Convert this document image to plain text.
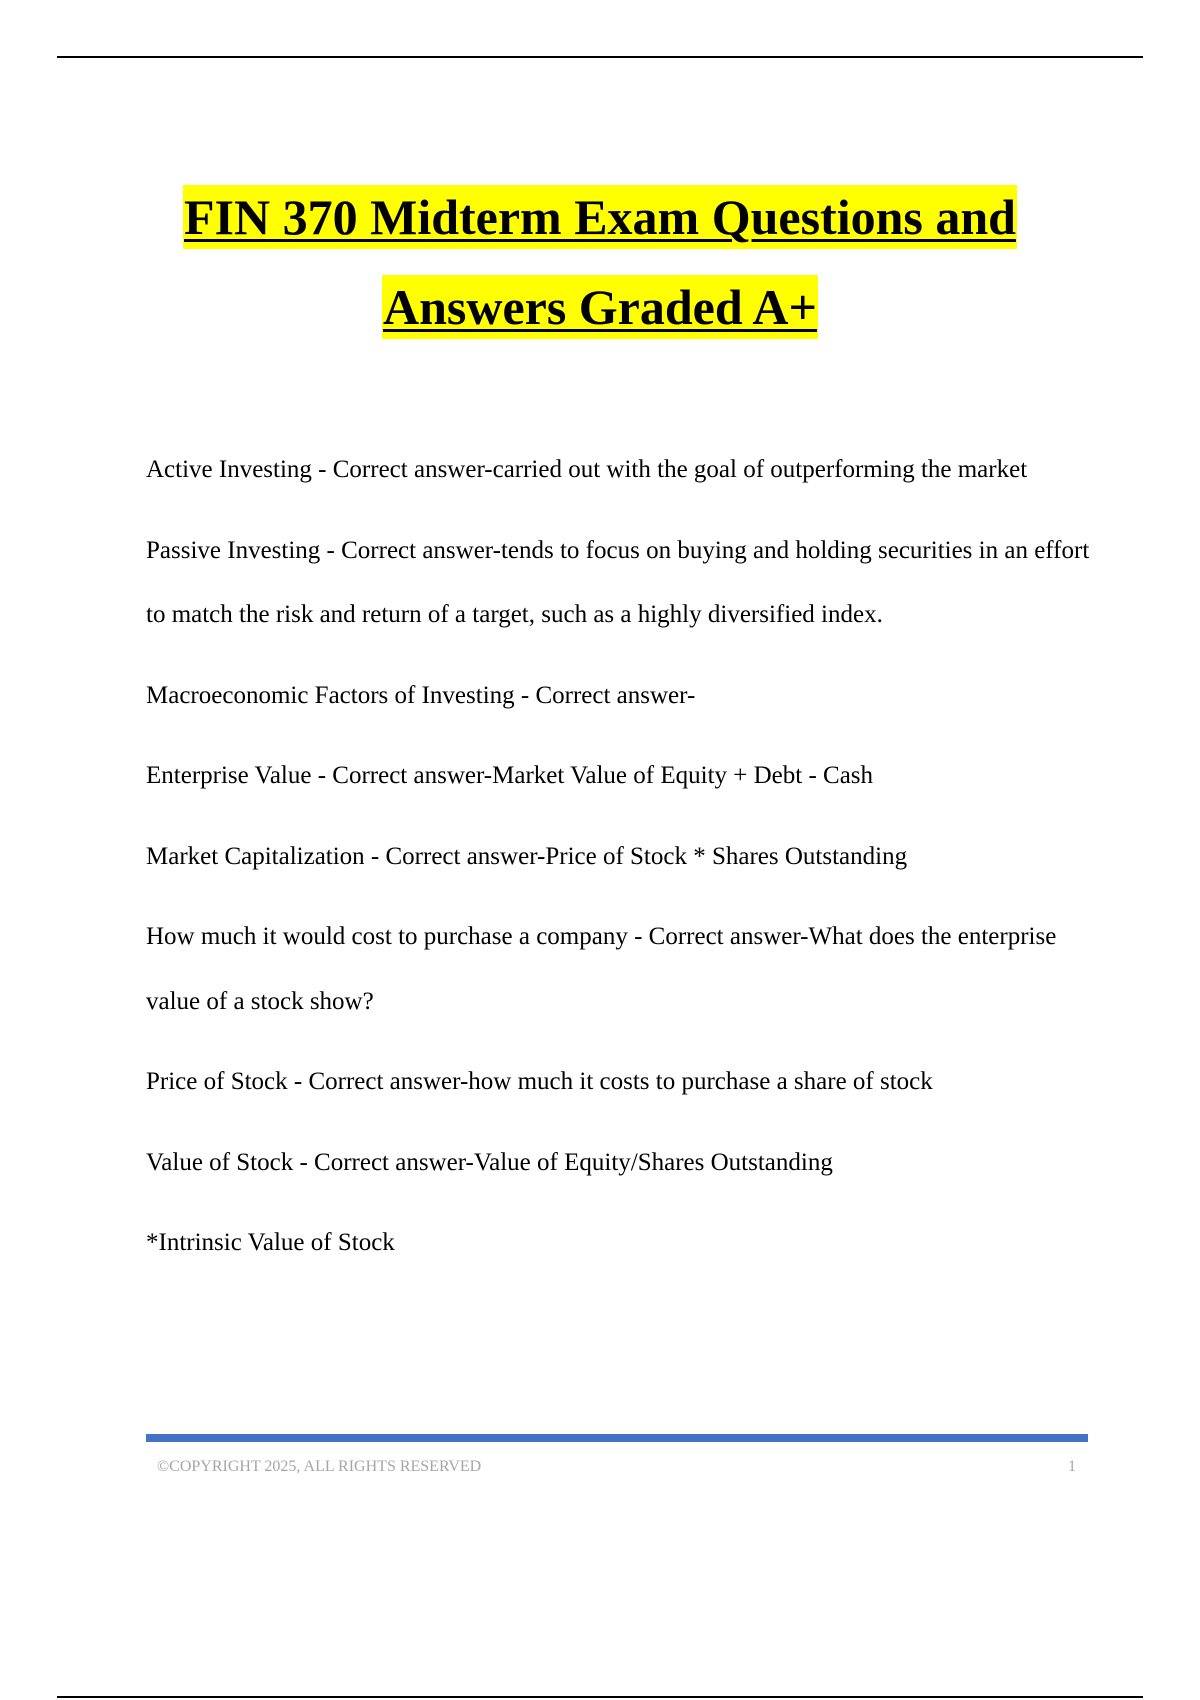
FIN 370 Midterm Exam Questions and
Answers Graded A+

Active Investing - Correct answer-carried out with the goal of outperforming the market

Passive Investing - Correct answer-tends to focus on buying and holding securities in an effort to match the risk and return of a target, such as a highly diversified index.

Macroeconomic Factors of Investing - Correct answer-

Enterprise Value - Correct answer-Market Value of Equity + Debt - Cash

Market Capitalization - Correct answer-Price of Stock * Shares Outstanding

How much it would cost to purchase a company - Correct answer-What does the enterprise value of a stock show?

Price of Stock - Correct answer-how much it costs to purchase a share of stock

Value of Stock - Correct answer-Value of Equity/Shares Outstanding

*Intrinsic Value of Stock

©COPYRIGHT 2025, ALL RIGHTS RESERVED	1
